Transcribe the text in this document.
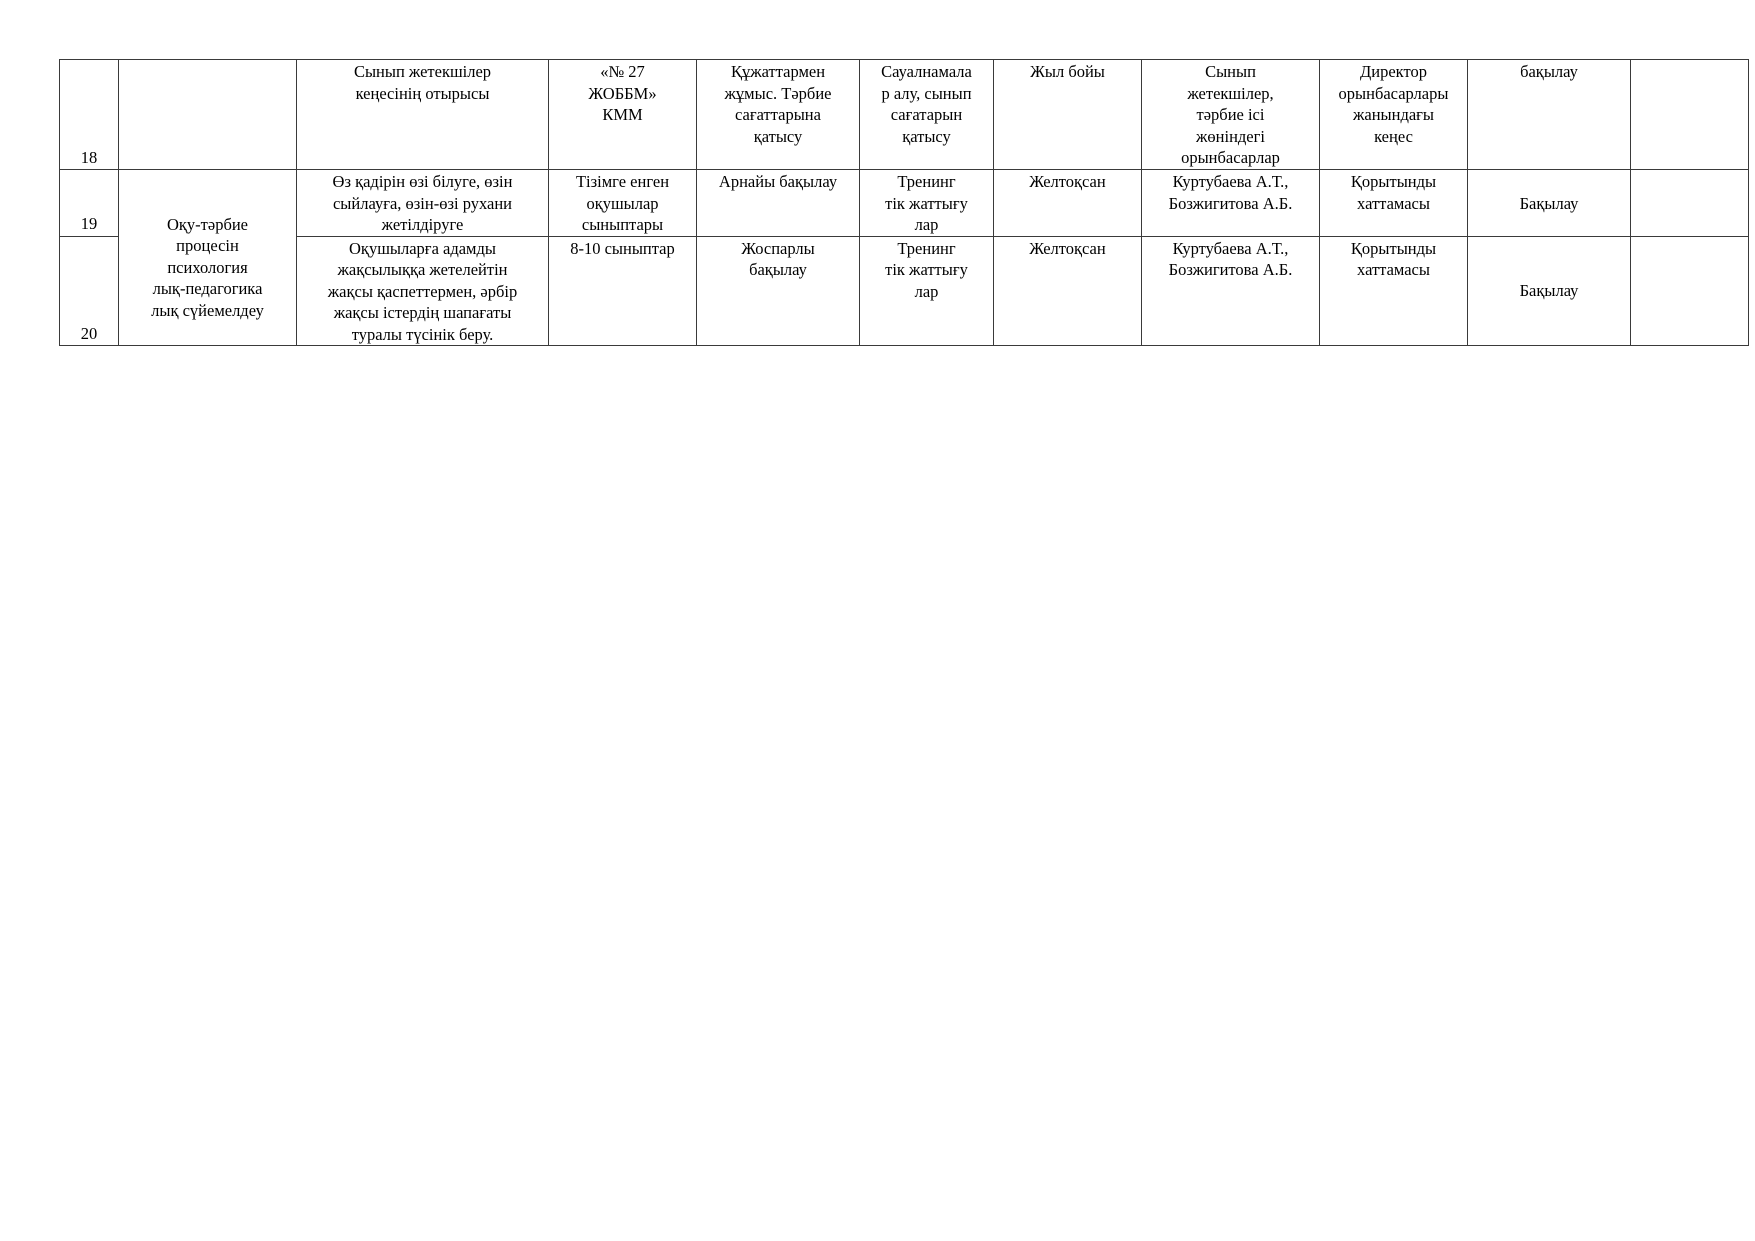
18		Сынып жетекшілер
кеңесінің отырысы	«№ 27
ЖОББМ»
КММ	Құжаттармен
жұмыс. Тәрбие
сағаттарына
қатысу	Сауалнамала
р алу, сынып
сағатарын
қатысу	Жыл бойы	Сынып
жетекшілер,
тәрбие ісі
жөніндегі
орынбасарлар	Директор
орынбасарлары
жанындағы
кеңес	бақылау	
19	Оқу-тәрбие
процесін
психология
лық-педагогика
лық сүйемелдеу	Өз қадірін өзі білуге, өзін
сыйлауға, өзін-өзі рухани
жетілдіруге	Тізімге енген
оқушылар
сыныптары	Арнайы бақылау	Тренинг
тік жаттығу
лар	Желтоқсан	Куртубаева А.Т.,
Бозжигитова А.Б.	Қорытынды
хаттамасы	Бақылау	
20		Оқушыларға адамды
жақсылыққа жетелейтін
жақсы қаспеттермен, әрбір
жақсы істердің шапағаты
туралы түсінік беру.	8-10 сыныптар	Жоспарлы
бақылау	Тренинг
тік жаттығу
лар	Желтоқсан	Куртубаева А.Т.,
Бозжигитова А.Б.	Қорытынды
хаттамасы	Бақылау	
